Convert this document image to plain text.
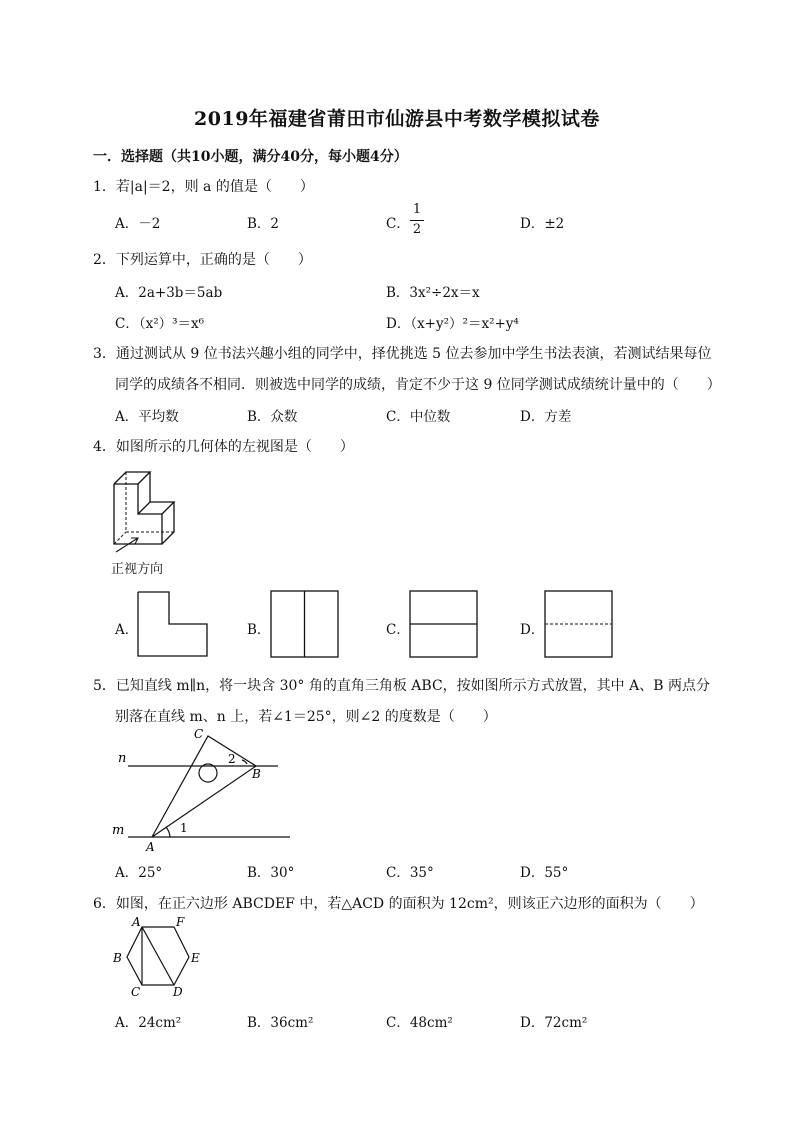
2019年福建省莆田市仙游县中考数学模拟试卷
一．选择题（共10小题，满分40分，每小题4分）
1．若|a|＝2，则 a 的值是（　　）
A．－2	B．2	C．
1
2	D．±2
2．下列运算中，正确的是（　　）
A．2a+3b＝5ab	B．3x²÷2x＝x
C．（x²）³＝x⁶	D．（x+y²）²＝x²+y⁴
3．通过测试从 9 位书法兴趣小组的同学中，择优挑选 5 位去参加中学生书法表演，若测试结果每位
同学的成绩各不相同．则被选中同学的成绩，肯定不少于这 9 位同学测试成绩统计量中的（　　）
A．平均数	B．众数	C．中位数	D．方差
4．如图所示的几何体的左视图是（　　）
正视方向
A．	B．	C．	D．
5．已知直线 m∥n，将一块含 30° 角的直角三角板 ABC，按如图所示方式放置，其中 A、B 两点分
别落在直线 m、n 上，若∠1＝25°，则∠2 的度数是（　　）
n
m
A
B
C
1
2
A．25°	B．30°	C．35°	D．55°
6．如图，在正六边形 ABCDEF 中，若△ACD 的面积为 12cm²，则该正六边形的面积为（　　）
A
B
C	D
E
F
A．24cm²	B．36cm²	C．48cm²	D．72cm²
